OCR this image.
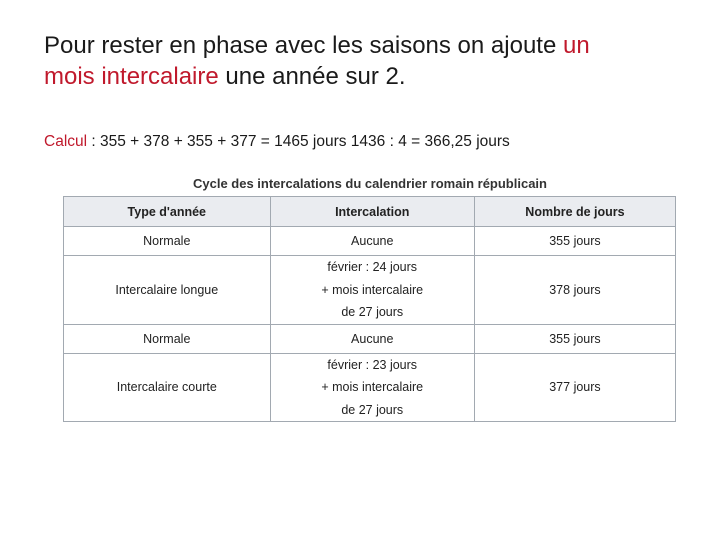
Pour rester en phase avec les saisons on ajoute un
mois intercalaire une année sur 2.
Calcul : 355 + 378 + 355 + 377 = 1465 jours 1436 : 4 = 366,25 jours
Cycle des intercalations du calendrier romain républicain
Type d'année	Intercalation	Nombre de jours
Normale	Aucune	355 jours
Intercalaire longue	février : 24 jours
+ mois intercalaire
de 27 jours	378 jours
Normale	Aucune	355 jours
Intercalaire courte	février : 23 jours
+ mois intercalaire
de 27 jours	377 jours
